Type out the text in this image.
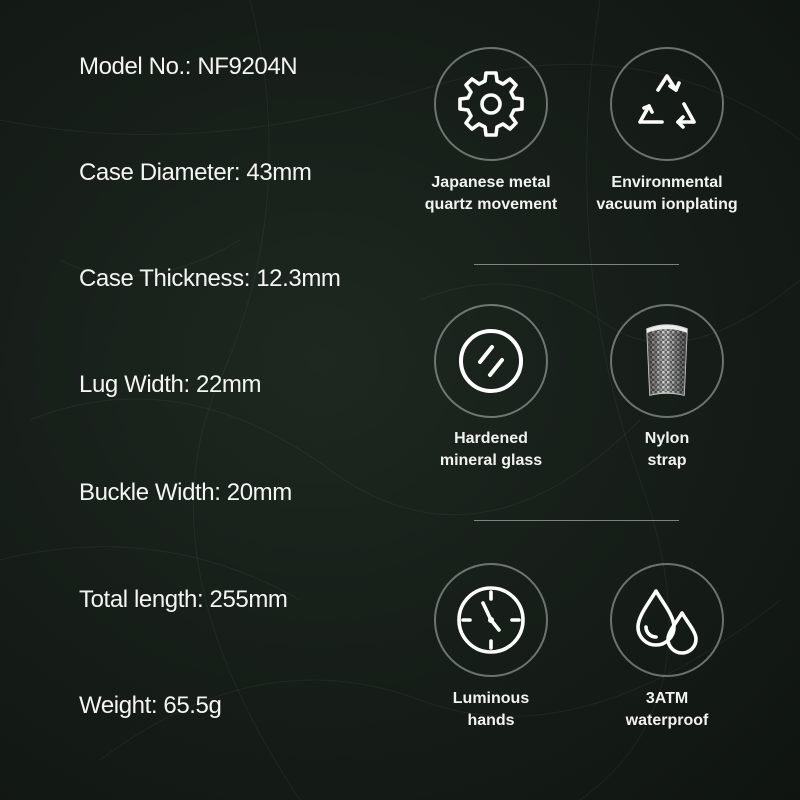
Model No.: NF9204N
Case Diameter: 43mm
Case Thickness: 12.3mm
Lug Width: 22mm
Buckle Width: 20mm
Total length: 255mm
Weight: 65.5g
Japanese metal
quartz movement
Environmental
vacuum ionplating
Hardened
mineral glass
Nylon
strap
Luminous
hands
3ATM
waterproof
